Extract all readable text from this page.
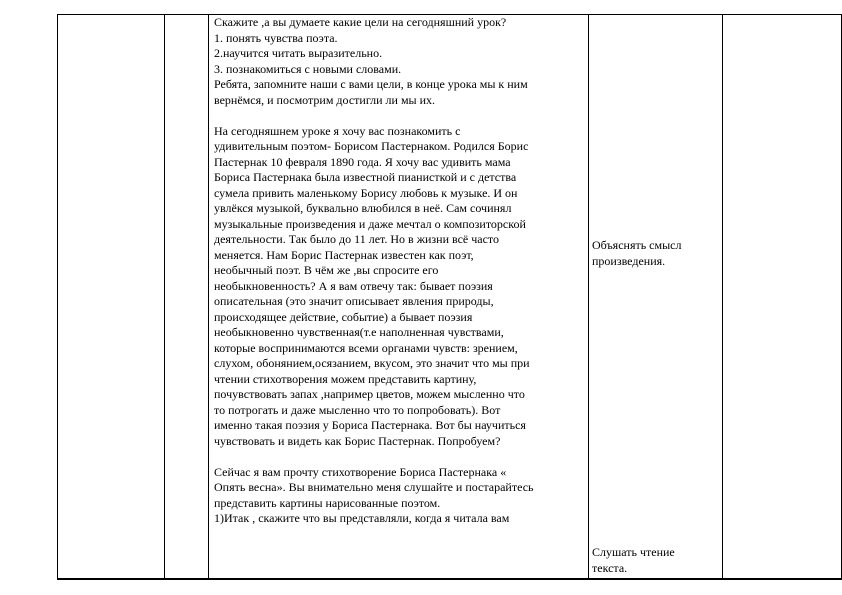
Скажите ,а вы думаете какие цели на сегодняшний урок?
1. понять чувства поэта.
2.научится читать выразительно.
3. познакомиться с новыми словами.
Ребята, запомните наши с вами цели, в конце урока мы к ним
вернёмся, и посмотрим достигли ли мы их.
На сегодняшнем уроке я хочу вас познакомить с
удивительным поэтом- Борисом Пастернаком. Родился Борис
Пастернак 10 февраля 1890 года. Я хочу вас удивить мама
Бориса Пастернака была известной пианисткой и с детства
сумела привить маленькому Борису любовь к музыке. И он
увлёкся музыкой, буквально влюбился в неё. Сам сочинял
музыкальные произведения и даже мечтал о композиторской
деятельности. Так было до 11 лет. Но в жизни всё часто
меняется. Нам Борис Пастернак известен как поэт,
необычный поэт. В чём же ,вы спросите его
необыкновенность? А я вам отвечу так: бывает поэзия
описательная (это значит описывает явления природы,
происходящее действие, событие) а бывает поэзия
необыкновенно чувственная(т.е наполненная чувствами,
которые воспринимаются всеми органами чувств: зрением,
слухом, обонянием,осязанием, вкусом, это значит что мы при
чтении стихотворения можем представить картину,
почувствовать запах ,например цветов, можем мысленно что
то потрогать и даже мысленно что то попробовать). Вот
именно такая поэзия у Бориса Пастернака. Вот бы научиться
чувствовать и видеть как Борис Пастернак. Попробуем?
Сейчас я вам прочту стихотворение Бориса Пастернака «
Опять весна». Вы внимательно меня слушайте и постарайтесь
представить картины нарисованные поэтом.
1)Итак , скажите что вы представляли, когда я читала вам
Объяснять смысл
произведения.
Слушать чтение
текста.
